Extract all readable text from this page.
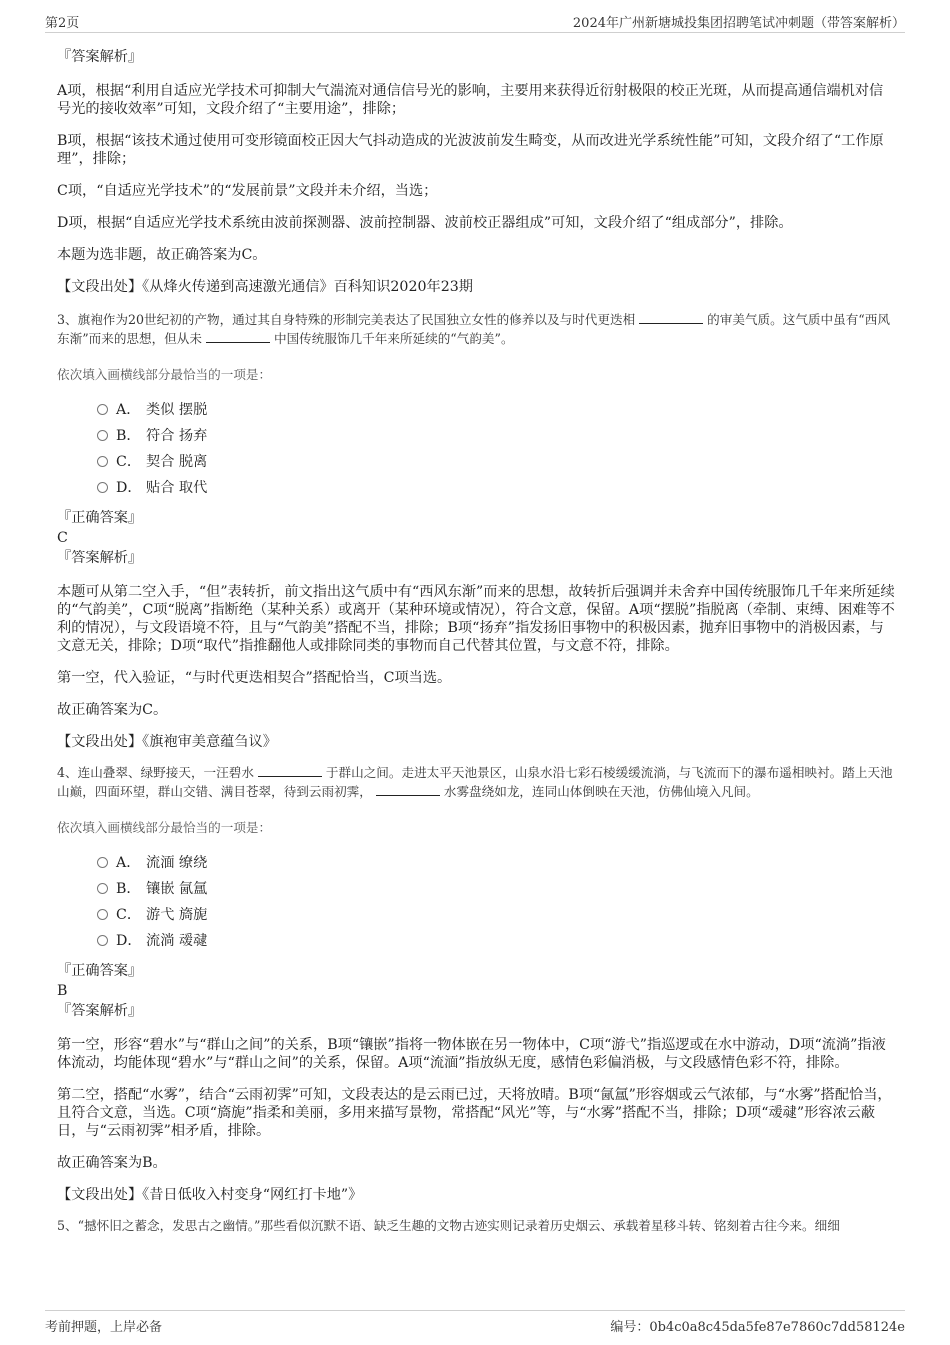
第2页	2024年广州新塘城投集团招聘笔试冲刺题（带答案解析）

『答案解析』

A项，根据“利用自适应光学技术可抑制大气湍流对通信信号光的影响，主要用来获得近衍射极限的校正光斑，从而提高通信端机对信号光的接收效率”可知，文段介绍了“主要用途”，排除；

B项，根据“该技术通过使用可变形镜面校正因大气抖动造成的光波波前发生畸变，从而改进光学系统性能”可知，文段介绍了“工作原理”，排除；

C项，“自适应光学技术”的“发展前景”文段并未介绍，当选；

D项，根据“自适应光学技术系统由波前探测器、波前控制器、波前校正器组成”可知，文段介绍了“组成部分”，排除。

本题为选非题，故正确答案为C。

【文段出处】《从烽火传递到高速激光通信》百科知识2020年23期

3、旗袍作为20世纪初的产物，通过其自身特殊的形制完美表达了民国独立女性的修养以及与时代更迭相	的审美气质。这气质中虽有“西风东渐”而来的思想，但从未	中国传统服饰几千年来所延续的“气韵美”。

依次填入画横线部分最恰当的一项是：

A． 类似 摆脱
B． 符合 扬弃
C． 契合 脱离
D． 贴合 取代

『正确答案』

C

『答案解析』

本题可从第二空入手，“但”表转折，前文指出这气质中有“西风东渐”而来的思想，故转折后强调并未舍弃中国传统服饰几千年来所延续的“气韵美”，C项“脱离”指断绝（某种关系）或离开（某种环境或情况），符合文意，保留。A项“摆脱”指脱离（牵制、束缚、困难等不利的情况），与文段语境不符，且与“气韵美”搭配不当，排除；B项“扬弃”指发扬旧事物中的积极因素，抛弃旧事物中的消极因素，与文意无关，排除；D项“取代”指推翻他人或排除同类的事物而自己代替其位置，与文意不符，排除。

第一空，代入验证，“与时代更迭相契合”搭配恰当，C项当选。

故正确答案为C。

【文段出处】《旗袍审美意蕴刍议》

4、连山叠翠、绿野接天，一汪碧水	于群山之间。走进太平天池景区，山泉水沿七彩石棱缓缓流淌，与飞流而下的瀑布遥相映衬。踏上天池山巅，四面环望，群山交错、满目苍翠，待到云雨初霁，	水雾盘绕如龙，连同山体倒映在天池，仿佛仙境入凡间。

依次填入画横线部分最恰当的一项是：

A． 流湎 缭绕
B． 镶嵌 氤氲
C． 游弋 旖旎
D． 流淌 叆叇

『正确答案』

B

『答案解析』

第一空，形容“碧水”与“群山之间”的关系，B项“镶嵌”指将一物体嵌在另一物体中，C项“游弋”指巡逻或在水中游动，D项“流淌”指液体流动，均能体现“碧水”与“群山之间”的关系，保留。A项“流湎”指放纵无度，感情色彩偏消极，与文段感情色彩不符，排除。

第二空，搭配“水雾”，结合“云雨初霁”可知，文段表达的是云雨已过，天将放晴。B项“氤氲”形容烟或云气浓郁，与“水雾”搭配恰当，且符合文意，当选。C项“旖旎”指柔和美丽，多用来描写景物，常搭配“风光”等，与“水雾”搭配不当，排除；D项“叆叇”形容浓云蔽日，与“云雨初霁”相矛盾，排除。

故正确答案为B。

【文段出处】《昔日低收入村变身“网红打卡地”》

5、“撼怀旧之蓄念，发思古之幽情。”那些看似沉默不语、缺乏生趣的文物古迹实则记录着历史烟云、承载着星移斗转、铭刻着古往今来。细细

考前押题，上岸必备	编号：0b4c0a8c45da5fe87e7860c7dd58124e
